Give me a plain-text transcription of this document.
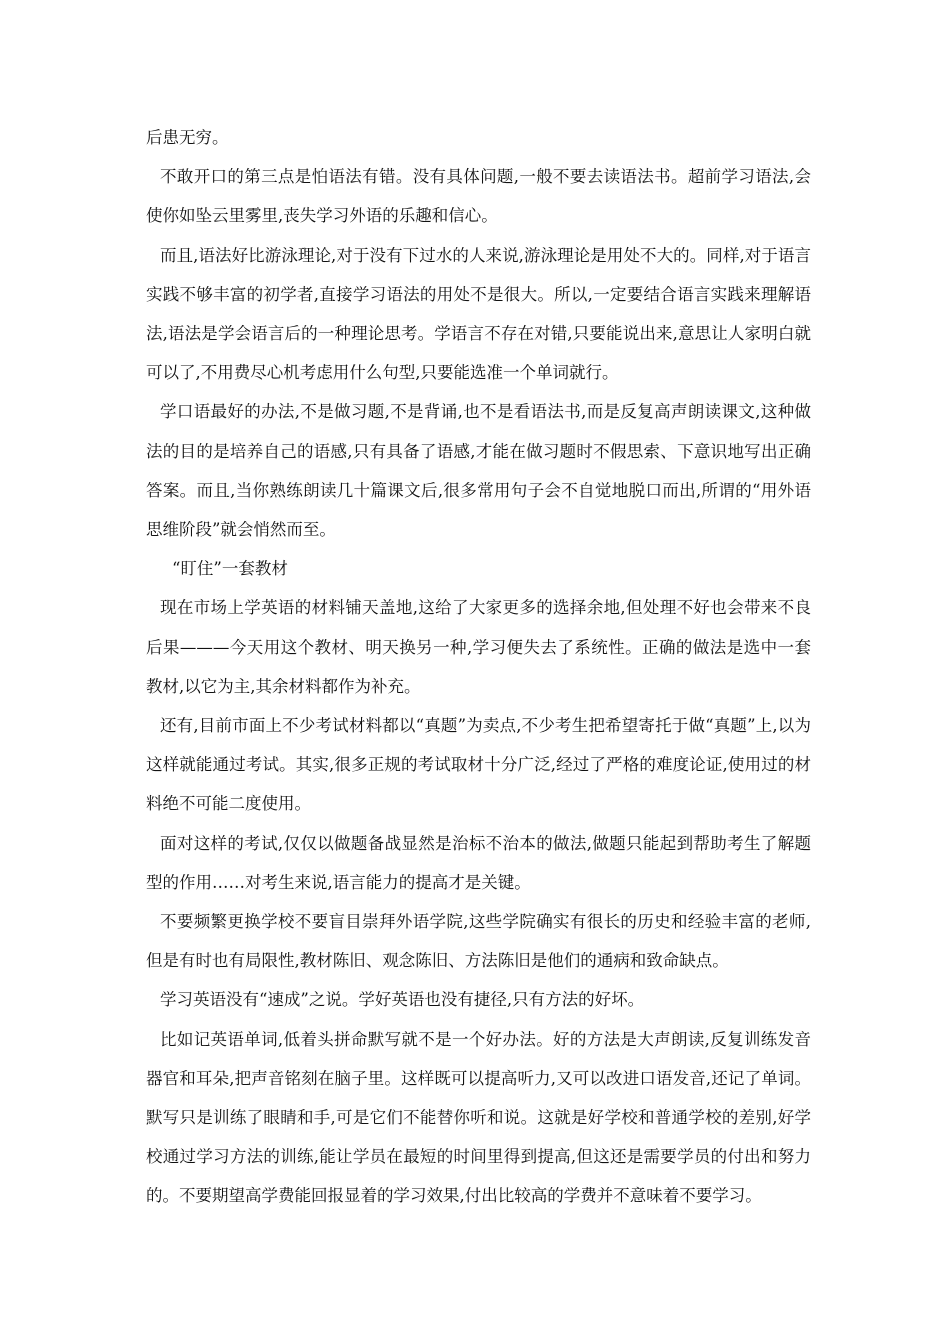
后患无穷。

不敢开口的第三点是怕语法有错。没有具体问题,一般不要去读语法书。超前学习语法,会使你如坠云里雾里,丧失学习外语的乐趣和信心。

而且,语法好比游泳理论,对于没有下过水的人来说,游泳理论是用处不大的。同样,对于语言实践不够丰富的初学者,直接学习语法的用处不是很大。所以,一定要结合语言实践来理解语法,语法是学会语言后的一种理论思考。学语言不存在对错,只要能说出来,意思让人家明白就可以了,不用费尽心机考虑用什么句型,只要能选准一个单词就行。

学口语最好的办法,不是做习题,不是背诵,也不是看语法书,而是反复高声朗读课文,这种做法的目的是培养自己的语感,只有具备了语感,才能在做习题时不假思索、下意识地写出正确答案。而且,当你熟练朗读几十篇课文后,很多常用句子会不自觉地脱口而出,所谓的“用外语思维阶段”就会悄然而至。

“盯住”一套教材

现在市场上学英语的材料铺天盖地,这给了大家更多的选择余地,但处理不好也会带来不良后果———今天用这个教材、明天换另一种,学习便失去了系统性。正确的做法是选中一套教材,以它为主,其余材料都作为补充。

还有,目前市面上不少考试材料都以“真题”为卖点,不少考生把希望寄托于做“真题”上,以为这样就能通过考试。其实,很多正规的考试取材十分广泛,经过了严格的难度论证,使用过的材料绝不可能二度使用。

面对这样的考试,仅仅以做题备战显然是治标不治本的做法,做题只能起到帮助考生了解题型的作用……对考生来说,语言能力的提高才是关键。

不要频繁更换学校不要盲目崇拜外语学院,这些学院确实有很长的历史和经验丰富的老师,但是有时也有局限性,教材陈旧、观念陈旧、方法陈旧是他们的通病和致命缺点。

学习英语没有“速成”之说。学好英语也没有捷径,只有方法的好坏。

比如记英语单词,低着头拼命默写就不是一个好办法。好的方法是大声朗读,反复训练发音器官和耳朵,把声音铭刻在脑子里。这样既可以提高听力,又可以改进口语发音,还记了单词。默写只是训练了眼睛和手,可是它们不能替你听和说。这就是好学校和普通学校的差别,好学校通过学习方法的训练,能让学员在最短的时间里得到提高,但这还是需要学员的付出和努力的。不要期望高学费能回报显着的学习效果,付出比较高的学费并不意味着不要学习。
